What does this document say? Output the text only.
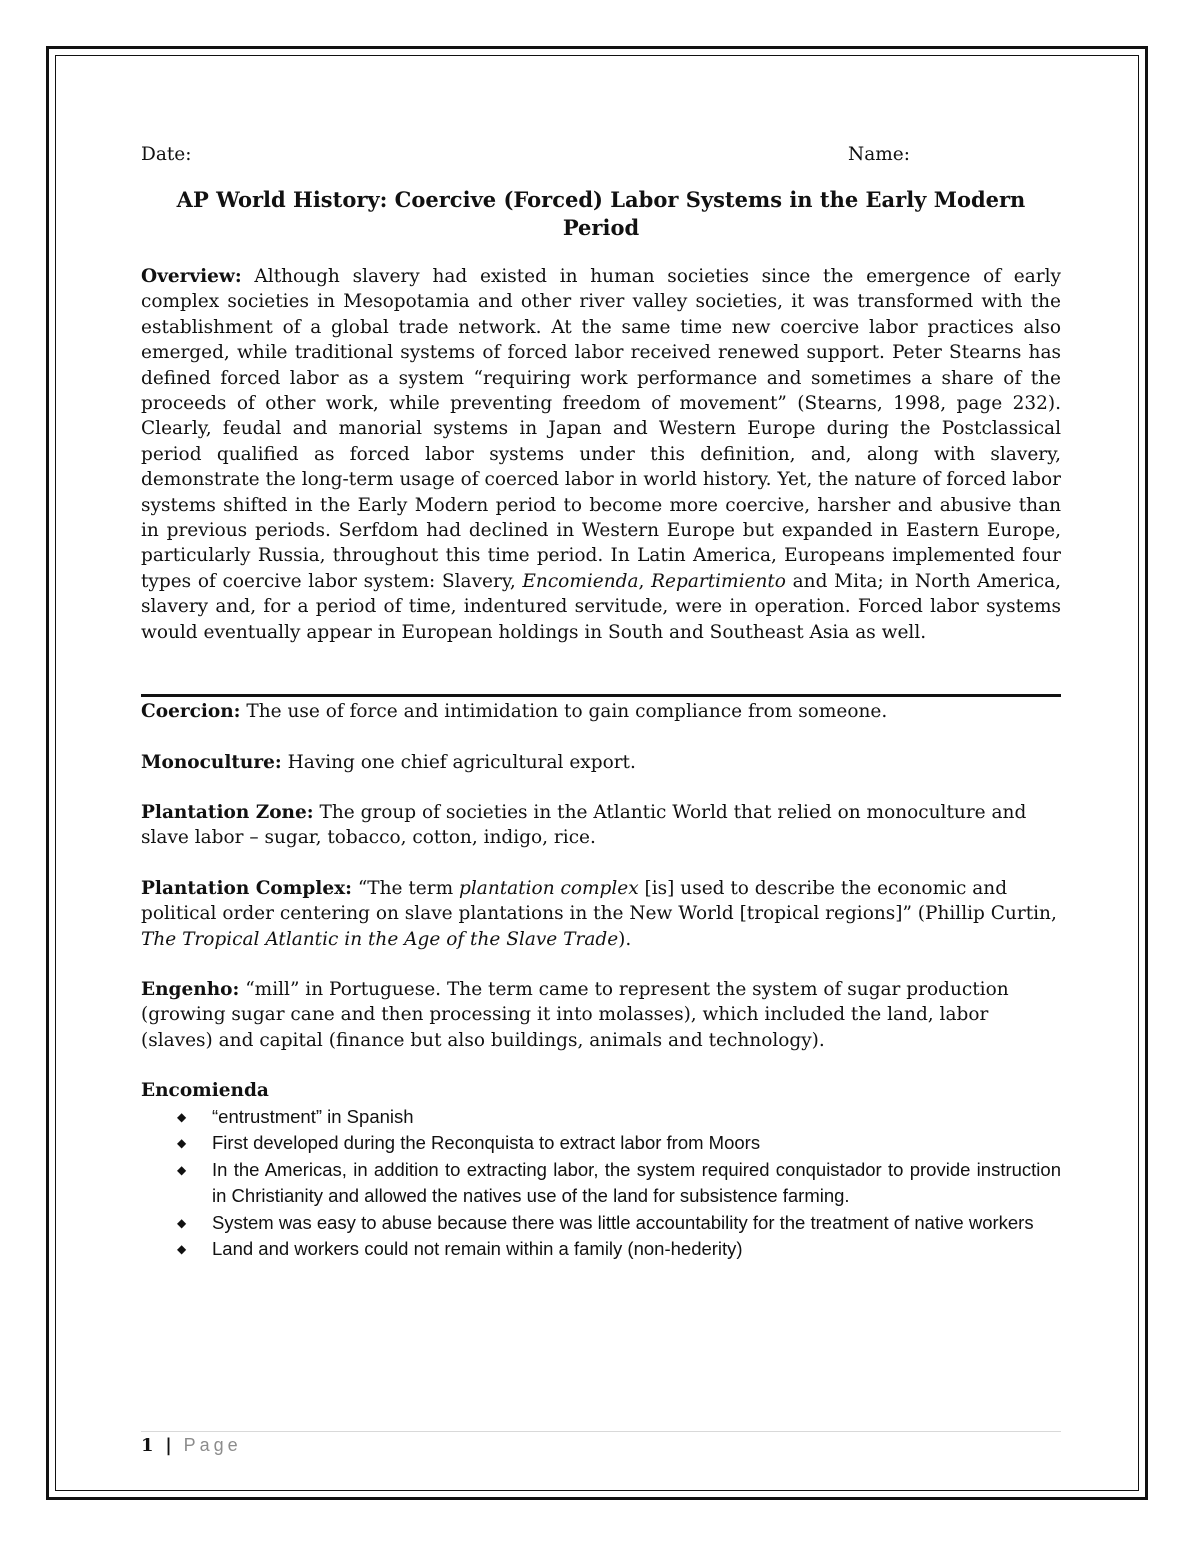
Date:	Name:
AP World History: Coercive (Forced) Labor Systems in the Early Modern Period

Overview: Although slavery had existed in human societies since the emergence of early complex societies in Mesopotamia and other river valley societies, it was transformed with the establishment of a global trade network. At the same time new coercive labor practices also emerged, while traditional systems of forced labor received renewed support. Peter Stearns has defined forced labor as a system “requiring work performance and sometimes a share of the proceeds of other work, while preventing freedom of movement” (Stearns, 1998, page 232). Clearly, feudal and manorial systems in Japan and Western Europe during the Postclassical period qualified as forced labor systems under this definition, and, along with slavery, demonstrate the long-term usage of coerced labor in world history. Yet, the nature of forced labor systems shifted in the Early Modern period to become more coercive, harsher and abusive than in previous periods. Serfdom had declined in Western Europe but expanded in Eastern Europe, particularly Russia, throughout this time period. In Latin America, Europeans implemented four types of coercive labor system: Slavery, Encomienda, Repartimiento and Mita; in North America, slavery and, for a period of time, indentured servitude, were in operation. Forced labor systems would eventually appear in European holdings in South and Southeast Asia as well.

Coercion: The use of force and intimidation to gain compliance from someone.

Monoculture: Having one chief agricultural export.

Plantation Zone: The group of societies in the Atlantic World that relied on monoculture and slave labor – sugar, tobacco, cotton, indigo, rice.

Plantation Complex: “The term plantation complex [is] used to describe the economic and political order centering on slave plantations in the New World [tropical regions]” (Phillip Curtin, The Tropical Atlantic in the Age of the Slave Trade).

Engenho: “mill” in Portuguese. The term came to represent the system of sugar production (growing sugar cane and then processing it into molasses), which included the land, labor (slaves) and capital (finance but also buildings, animals and technology).

Encomienda

◆ “entrustment” in Spanish
◆ First developed during the Reconquista to extract labor from Moors
◆ In the Americas, in addition to extracting labor, the system required conquistador to provide instruction in Christianity and allowed the natives use of the land for subsistence farming.
◆ System was easy to abuse because there was little accountability for the treatment of native workers
◆ Land and workers could not remain within a family (non-hederity)
1 | Page
